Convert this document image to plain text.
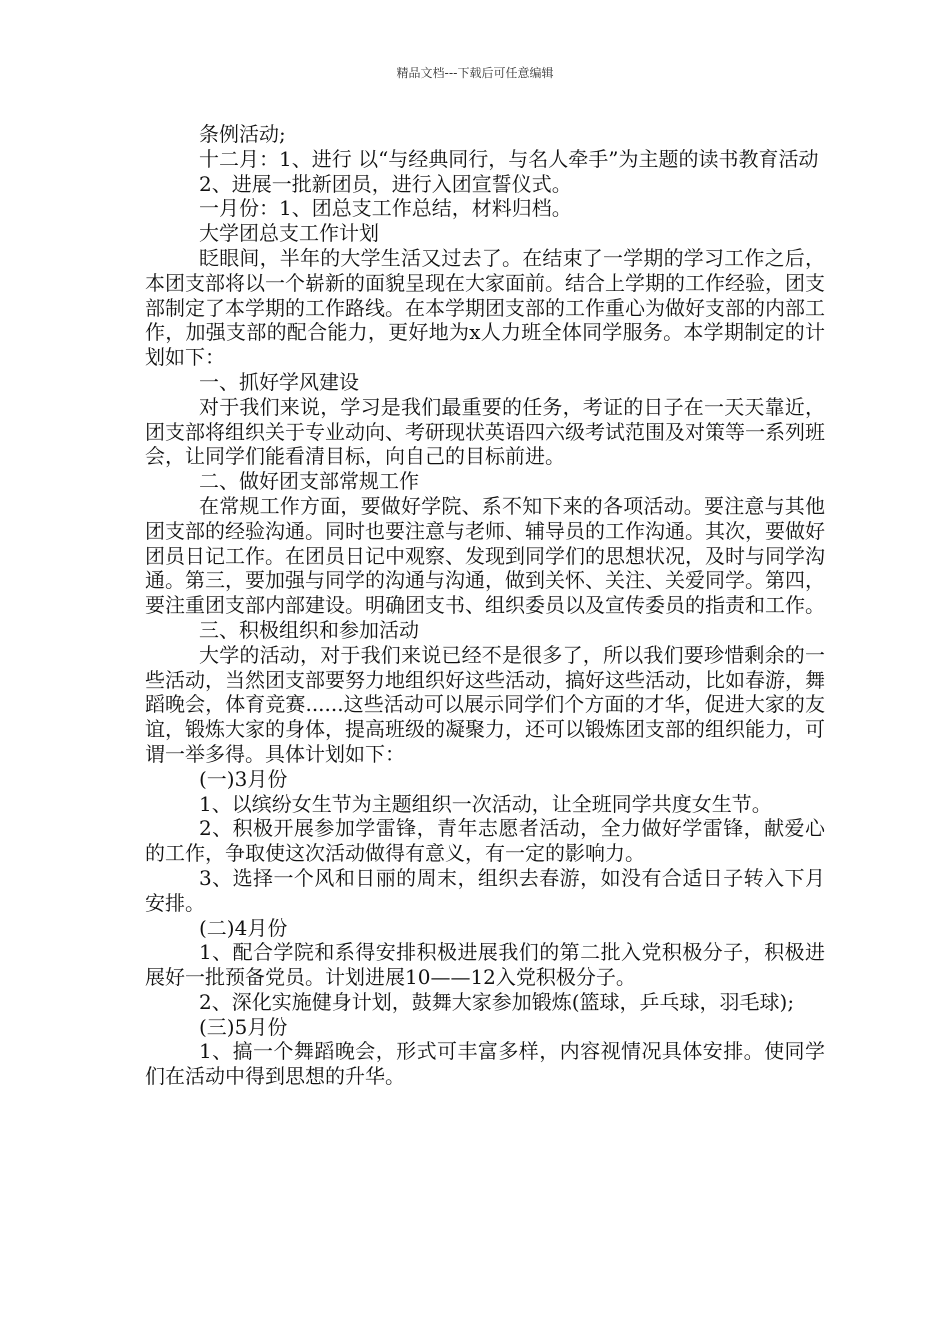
精品文档---下载后可任意编辑

条例活动;

十二月：1、进行 以“与经典同行，与名人牵手”为主题的读书教育活动

2、进展一批新团员，进行入团宣誓仪式。

一月份：1、团总支工作总结，材料归档。

大学团总支工作计划

眨眼间，半年的大学生活又过去了。在结束了一学期的学习工作之后，本团支部将以一个崭新的面貌呈现在大家面前。结合上学期的工作经验，团支部制定了本学期的工作路线。在本学期团支部的工作重心为做好支部的内部工作，加强支部的配合能力，更好地为x人力班全体同学服务。本学期制定的计划如下：

一、抓好学风建设

对于我们来说，学习是我们最重要的任务，考证的日子在一天天靠近，团支部将组织关于专业动向、考研现状英语四六级考试范围及对策等一系列班会，让同学们能看清目标，向自己的目标前进。

二、做好团支部常规工作

在常规工作方面，要做好学院、系不知下来的各项活动。要注意与其他团支部的经验沟通。同时也要注意与老师、辅导员的工作沟通。其次，要做好团员日记工作。在团员日记中观察、发现到同学们的思想状况，及时与同学沟通。第三，要加强与同学的沟通与沟通，做到关怀、关注、关爱同学。第四，要注重团支部内部建设。明确团支书、组织委员以及宣传委员的指责和工作。

三、积极组织和参加活动

大学的活动，对于我们来说已经不是很多了，所以我们要珍惜剩余的一些活动，当然团支部要努力地组织好这些活动，搞好这些活动，比如春游，舞蹈晚会，体育竞赛......这些活动可以展示同学们个方面的才华，促进大家的友谊，锻炼大家的身体，提高班级的凝聚力，还可以锻炼团支部的组织能力，可谓一举多得。具体计划如下：

(一)3月份

1、以缤纷女生节为主题组织一次活动，让全班同学共度女生节。

2、积极开展参加学雷锋，青年志愿者活动，全力做好学雷锋，献爱心的工作，争取使这次活动做得有意义，有一定的影响力。

3、选择一个风和日丽的周末，组织去春游，如没有合适日子转入下月安排。

(二)4月份

1、配合学院和系得安排积极进展我们的第二批入党积极分子，积极进展好一批预备党员。计划进展10——12入党积极分子。

2、深化实施健身计划，鼓舞大家参加锻炼(篮球，乒乓球，羽毛球);

(三)5月份

1、搞一个舞蹈晚会，形式可丰富多样，内容视情况具体安排。使同学们在活动中得到思想的升华。
